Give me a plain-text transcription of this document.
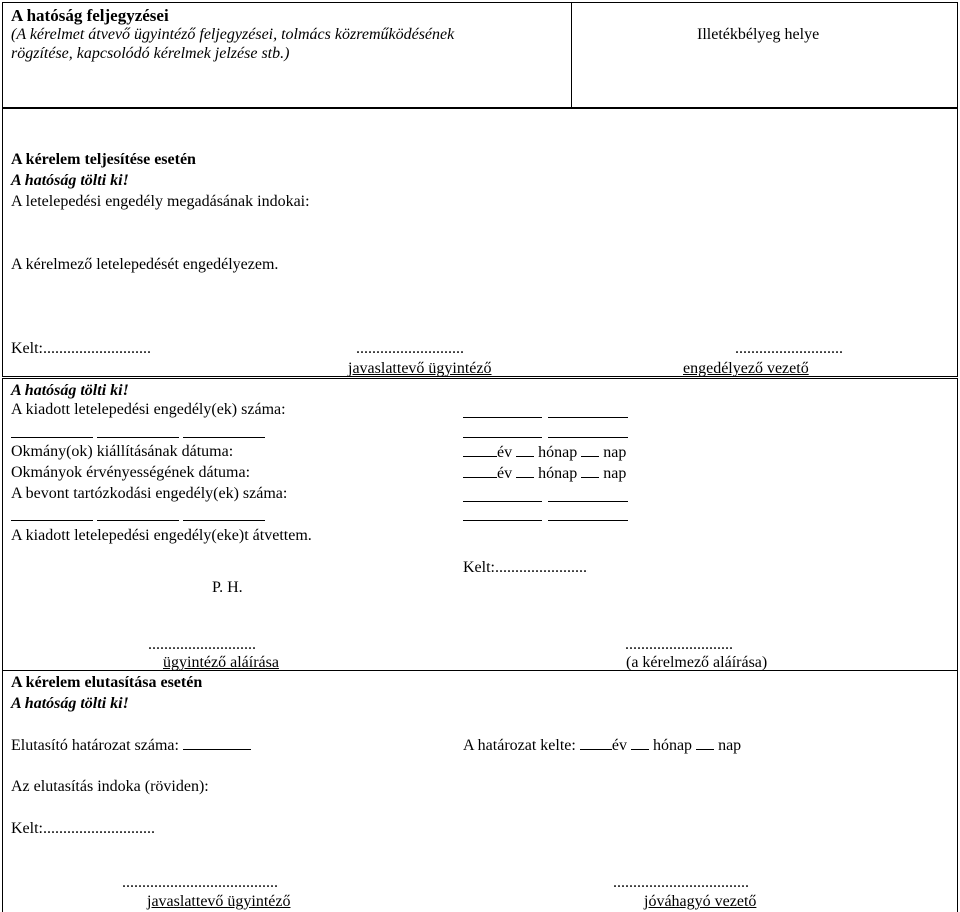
A hatóság feljegyzései
(A kérelmet átvevő ügyintéző feljegyzései, tolmács közreműködésének
rögzítése, kapcsolódó kérelmek jelzése stb.)
Illetékbélyeg helye
A kérelem teljesítése esetén
A hatóság tölti ki!
A letelepedési engedély megadásának indokai:
A kérelmező letelepedését engedélyezem.
Kelt:...........................	...........................
javaslattevő ügyintéző
...........................
engedélyező vezető
A hatóság tölti ki!
A kiadott letelepedési engedély(ek) száma:
Okmány(ok) kiállításának dátuma:	év hónap nap
Okmányok érvényességének dátuma:	év hónap nap
A bevont tartózkodási engedély(ek) száma:
A kiadott letelepedési engedély(eke)t átvettem.
Kelt:.......................
P. H.
...........................
ügyintéző aláírása
...........................
(a kérelmező aláírása)
A kérelem elutasítása esetén
A hatóság tölti ki!
Elutasító határozat száma:	A határozat kelte: év hónap nap
Az elutasítás indoka (röviden):
Kelt:............................
.......................................
javaslattevő ügyintéző
..................................
jóváhagyó vezető
